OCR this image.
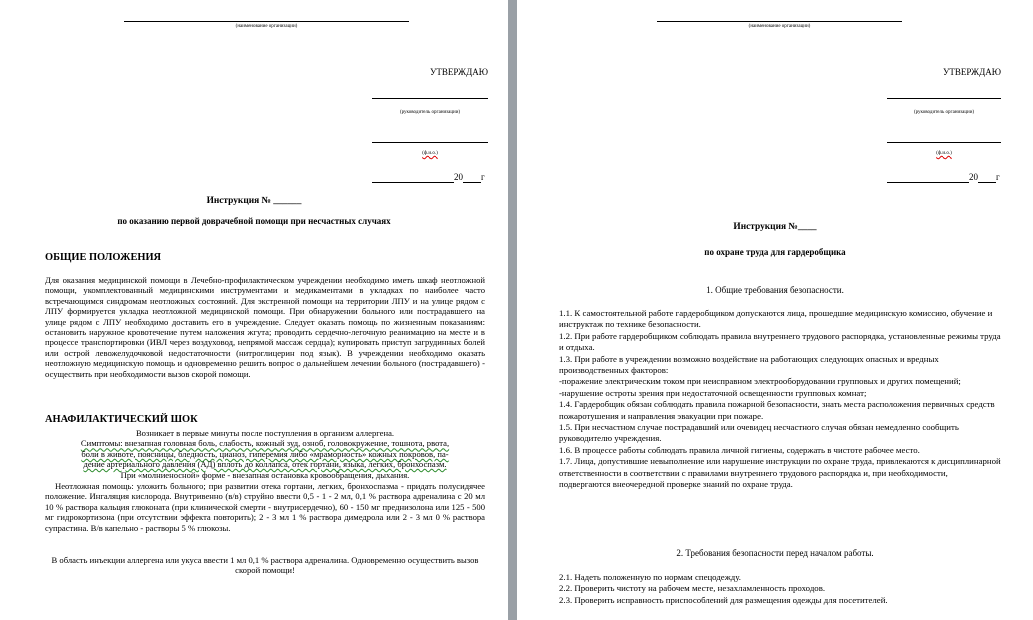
(наименование организации)
УТВЕРЖДАЮ
(руководитель организации)
(ф.и.о.)
20 г
Инструкция № ______
по оказанию первой доврачебной помощи при несчастных случаях
ОБЩИЕ ПОЛОЖЕНИЯ

Для оказания медицинской помощи в Лечебно-профилактическом учреждении необходимо иметь шкаф неотложной помощи, укомплектованный медицинскими инструментами и медикаментами в укладках по наиболее часто встречающимся синдромам неотложных состояний. Для экстренной помощи на территории ЛПУ и на улице рядом с ЛПУ формируется укладка неотложной медицинской помощи. При обнаружении больного или пострадавшего на улице рядом с ЛПУ необходимо доставить его в учреждение. Следует оказать помощь по жизненным показаниям: остановить наружное кровотечение путем наложения жгута; проводить сердечно-легочную реанимацию на месте и в процессе транспортировки (ИВЛ через воздуховод, непрямой массаж сердца); купировать приступ загрудинных болей или острой левожелудочковой недостаточности (нитроглицерин под язык). В учреждении необходимо оказать неотложную медицинскую помощь и одновременно решить вопрос о дальнейшем лечении больного (пострадавшего) - осуществить при необходимости вызов скорой помощи.

АНАФИЛАКТИЧЕСКИЙ ШОК

Возникает в первые минуты после поступления в организм аллергена.

Симптомы: внезапная головная боль, слабость, кожный зуд, озноб, головокружение, тошнота, рвота,

боли в животе, поясницы, бледность, цианоз, гиперемия либо «мраморность» кожных покровов, па-

дение артериального давления (АД) вплоть до коллапса, отек гортани, языка, легких, бронхоспазм.

При «молниеносной» форме - внезапная остановка кровообращения, дыхания.

Неотложная помощь: уложить больного; при развитии отека гортани, легких, бронхоспазма - придать полусидячее положение. Ингаляция кислорода. Внутривенно (в/в) струйно ввести 0,5 - 1 - 2 мл, 0,1 % раствора адреналина с 20 мл 10 % раствора кальция глюконата (при клинической смерти - внутрисердечно), 60 - 150 мг преднизолона или 125 - 500 мг гидрокортизона (при отсутствии эффекта повторить); 2 - 3 мл 1 % раствора димедрола или 2 - 3 мл 0 % раствора супрастина. В/в капельно - растворы 5 % глюкозы.

В область инъекции аллергена или укуса ввести 1 мл 0,1 % раствора адреналина. Одновременно осуществить вызов скорой помощи!

(наименование организации)
УТВЕРЖДАЮ
(руководитель организации)
(ф.и.о.)
20 г
Инструкция №____
по охране труда для гардеробщика
1. Общие требования безопасности.

1.1. К самостоятельной работе гардеробщиком допускаются лица, прошедшие медицинскую комиссию, обучение и инструктаж по технике безопасности.

1.2. При работе гардеробщиком соблюдать правила внутреннего трудового распорядка, установленные режимы труда и отдыха.

1.3. При работе в учреждении возможно воздействие на работающих следующих опасных и вредных производственных факторов:

-поражение электрическим током при неисправном электрооборудовании групповых и других помещений;

-нарушение остроты зрения при недостаточной освещенности групповых комнат;

1.4. Гардеробщик обязан соблюдать правила пожарной безопасности, знать места расположения первичных средств пожаротушения и направления эвакуации при пожаре.

1.5. При несчастном случае пострадавший или очевидец несчастного случая обязан немедленно сообщить руководителю учреждения.

1.6. В процессе работы соблюдать правила личной гигиены, содержать в чистоте рабочее место.

1.7. Лица, допустившие невыполнение или нарушение инструкции по охране труда, привлекаются к дисциплинарной ответственности в соответствии с правилами внутреннего трудового распорядка и, при необходимости, подвергаются внеочередной проверке знаний по охране труда.

2. Требования безопасности перед началом работы.

2.1. Надеть положенную по нормам спецодежду.

2.2. Проверить чистоту на рабочем месте, незахламленность проходов.

2.3. Проверить исправность приспособлений для размещения одежды для посетителей.
